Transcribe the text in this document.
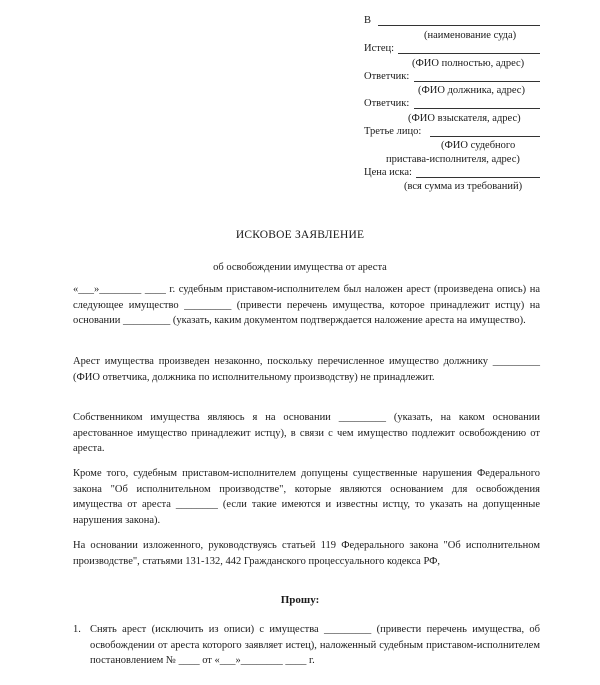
В
(наименование суда)
Истец:
(ФИО полностью, адрес)
Ответчик:
(ФИО должника, адрес)
Ответчик:
(ФИО взыскателя, адрес)
Третье лицо:
(ФИО судебного
пристава-исполнителя, адрес)
Цена иска:
(вся сумма из требований)
ИСКОВОЕ ЗАЯВЛЕНИЕ
об освобождении имущества от ареста
«___»________ ____ г. судебным приставом-исполнителем был наложен арест (произведена опись) на следующее имущество _________ (привести перечень имущества, которое принадлежит истцу) на основании _________ (указать, каким документом подтверждается наложение ареста на имущество).
Арест имущества произведен незаконно, поскольку перечисленное имущество должнику _________ (ФИО ответчика, должника по исполнительному производству) не принадлежит.
Собственником имущества являюсь я на основании _________ (указать, на каком основании арестованное имущество принадлежит истцу), в связи с чем имущество подлежит освобождению от ареста.
Кроме того, судебным приставом-исполнителем допущены существенные нарушения Федерального закона "Об исполнительном производстве", которые являются основанием для освобождения имущества от ареста ________ (если такие имеются и известны истцу, то указать на допущенные нарушения закона).
На основании изложенного, руководствуясь статьей 119 Федерального закона "Об исполнительном производстве", статьями 131-132, 442 Гражданского процессуального кодекса РФ,
Прошу:
1. Снять арест (исключить из описи) с имущества _________ (привести перечень имущества, об освобождении от ареста которого заявляет истец), наложенный судебным приставом-исполнителем постановлением № ____ от «___»________ ____ г.
